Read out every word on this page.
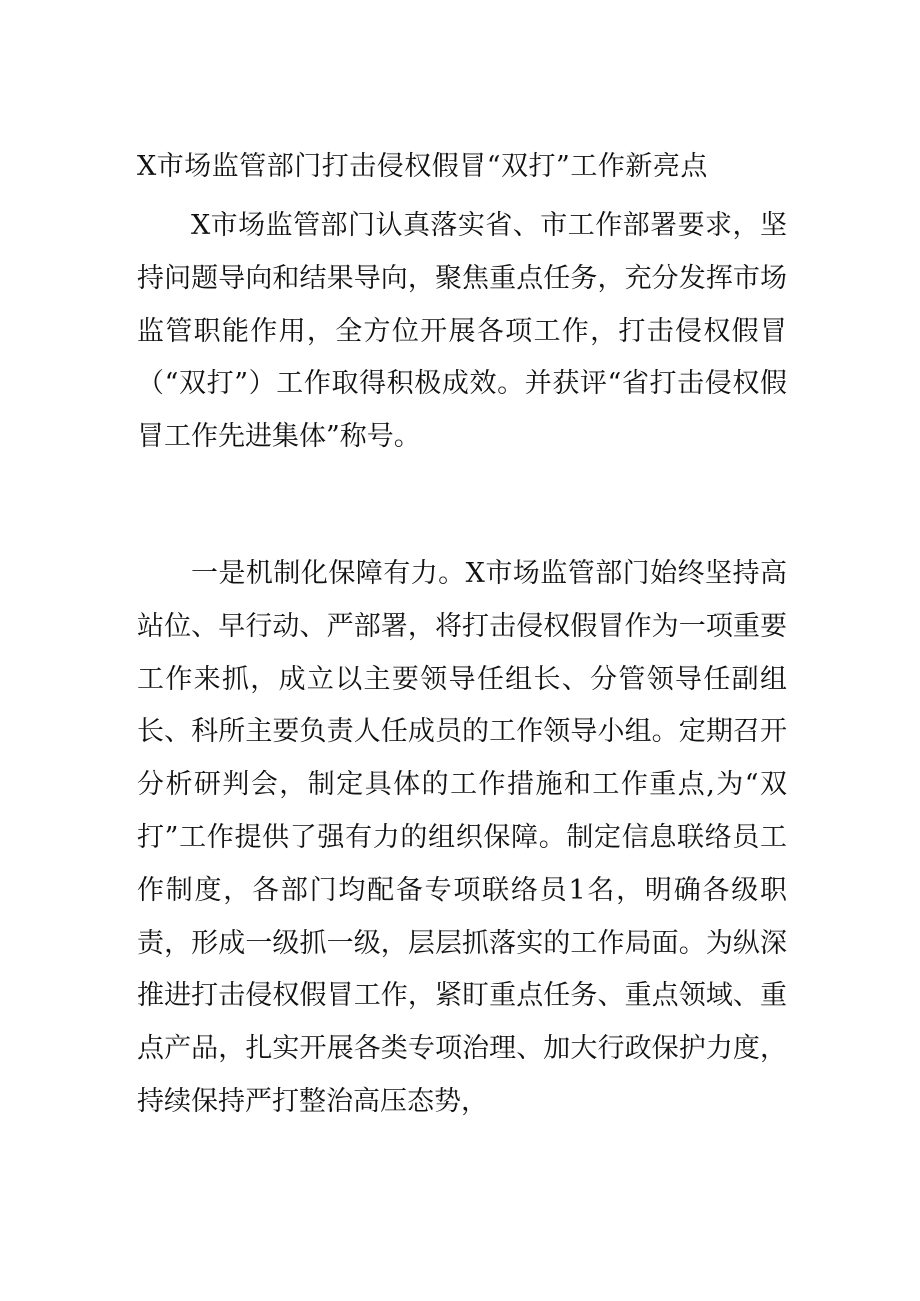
X市场监管部门打击侵权假冒“双打”工作新亮点

X市场监管部门认真落实省、市工作部署要求，坚持问题导向和结果导向，聚焦重点任务，充分发挥市场监管职能作用，全方位开展各项工作，打击侵权假冒（“双打”）工作取得积极成效。并获评“省打击侵权假冒工作先进集体”称号。

一是机制化保障有力。X市场监管部门始终坚持高站位、早行动、严部署，将打击侵权假冒作为一项重要工作来抓，成立以主要领导任组长、分管领导任副组长、科所主要负责人任成员的工作领导小组。定期召开分析研判会，制定具体的工作措施和工作重点,为“双打”工作提供了强有力的组织保障。制定信息联络员工作制度，各部门均配备专项联络员1名，明确各级职责，形成一级抓一级，层层抓落实的工作局面。为纵深推进打击侵权假冒工作，紧盯重点任务、重点领域、重点产品，扎实开展各类专项治理、加大行政保护力度，持续保持严打整治高压态势，
